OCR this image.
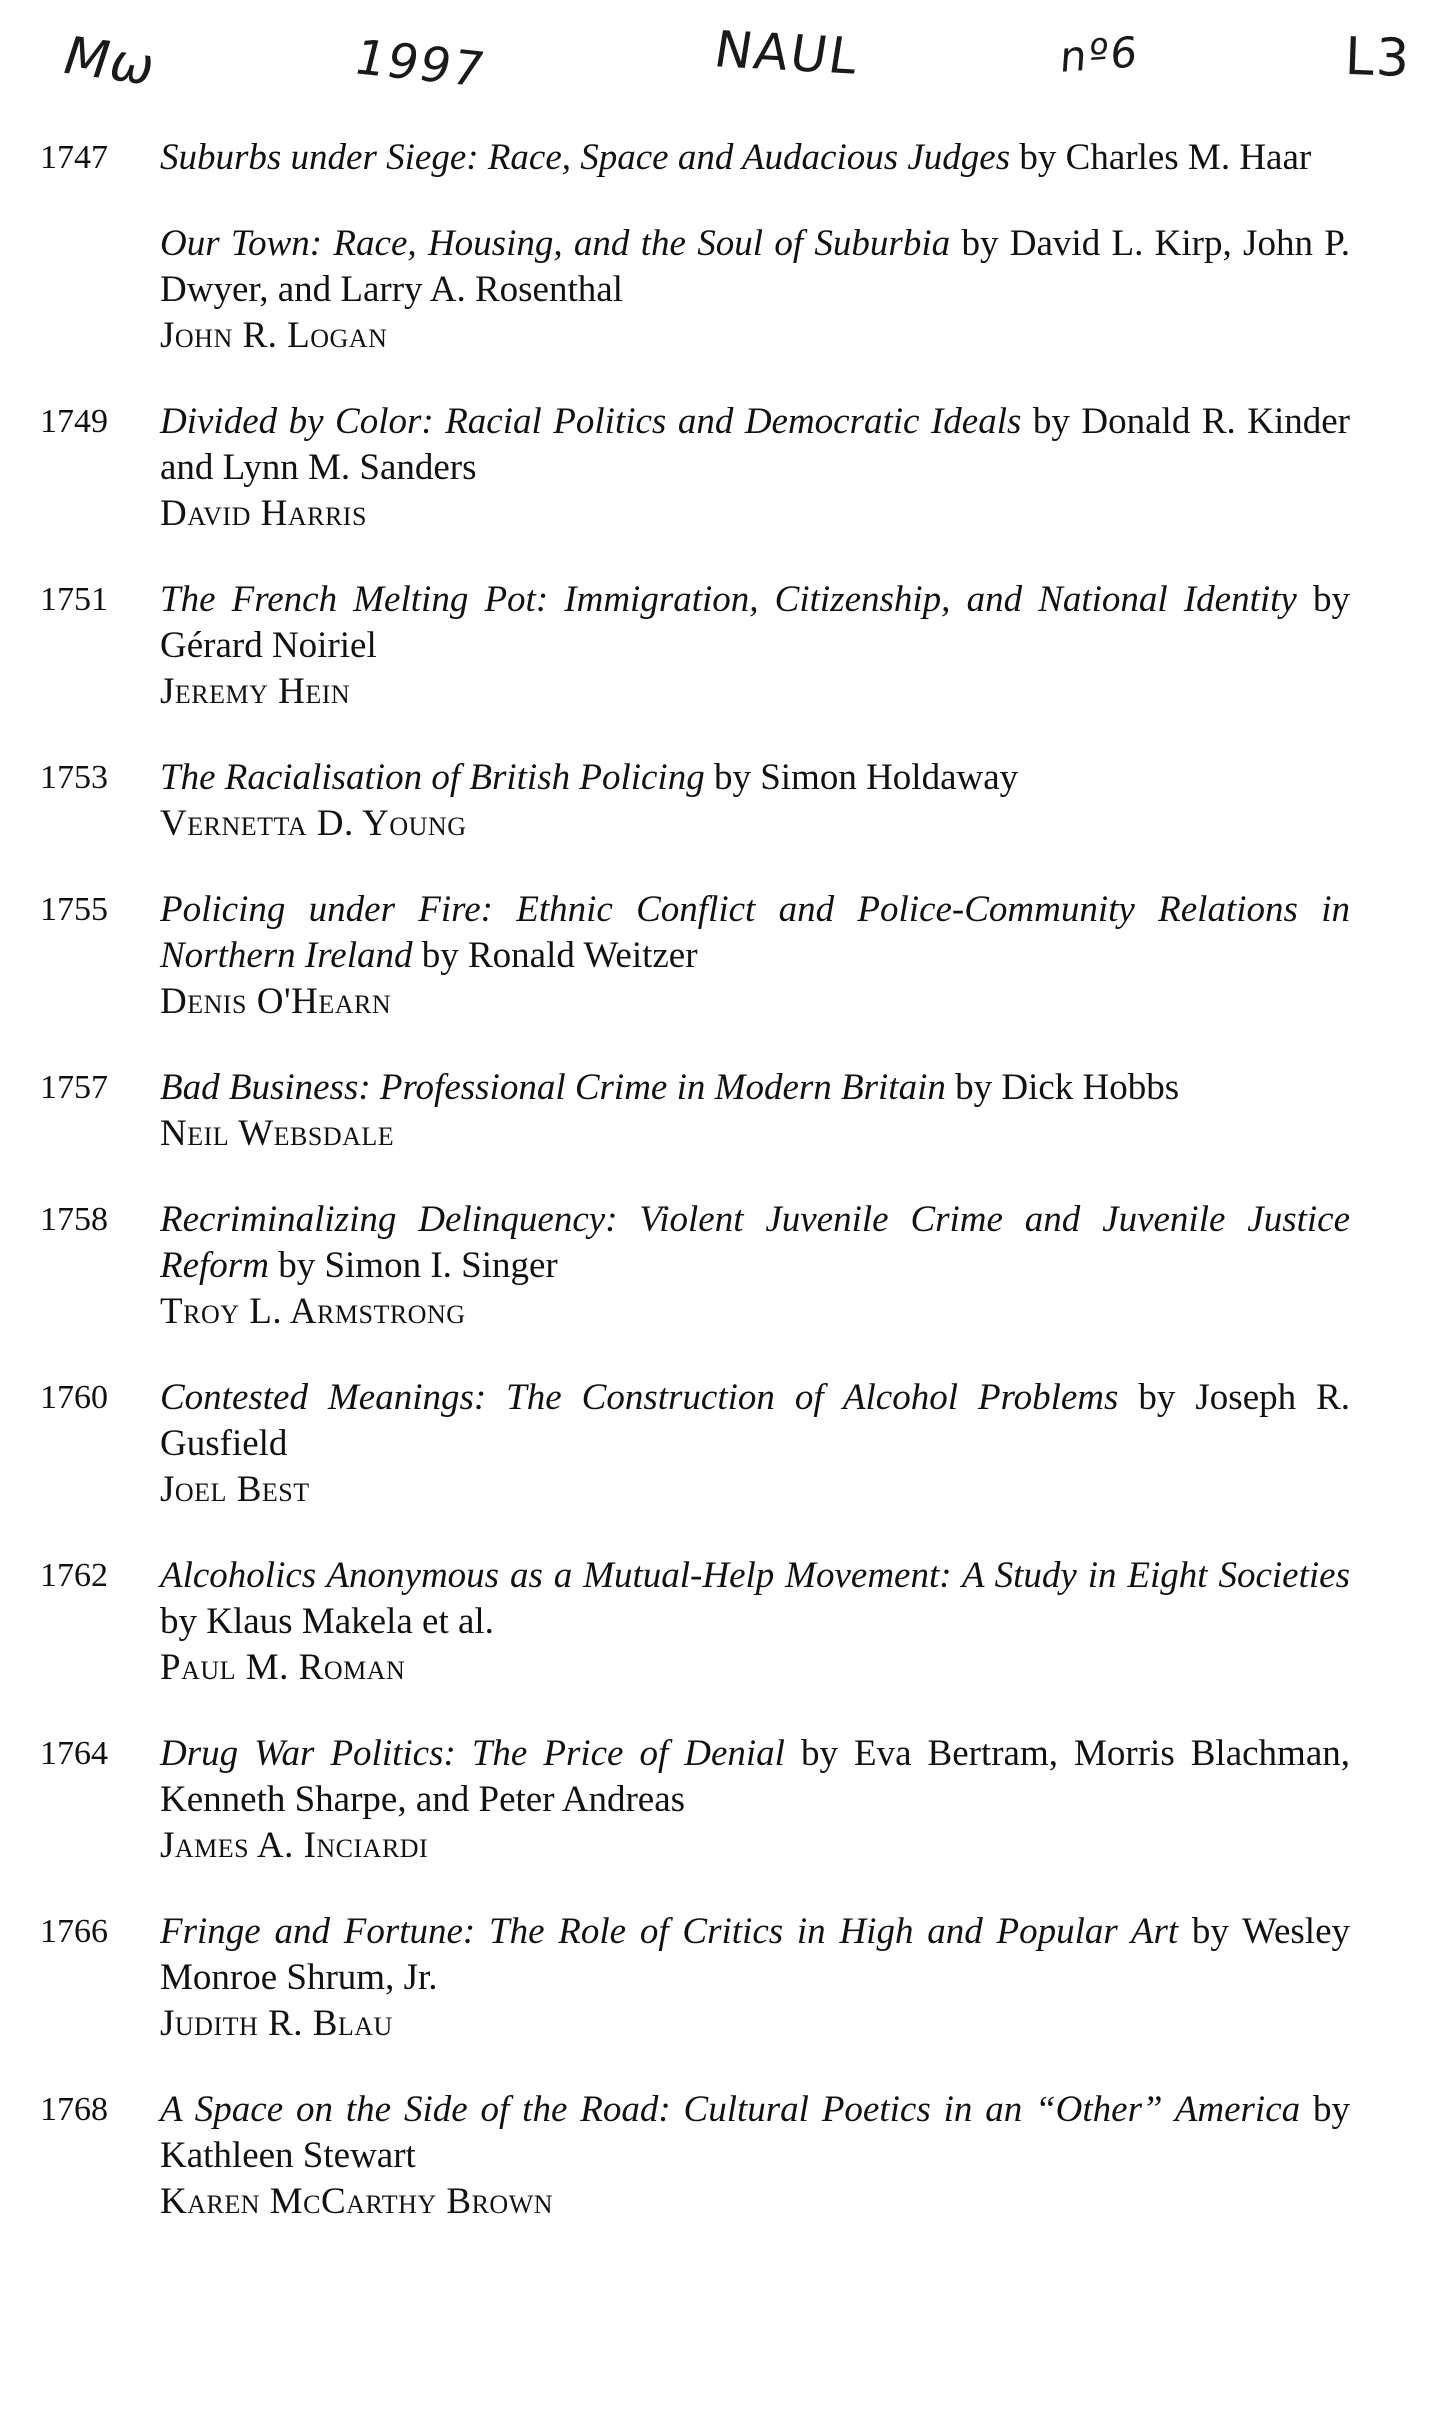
Μω	1997	NAUL	nº6	L3
1747	Suburbs under Siege: Race, Space and Audacious Judges by Charles M. Haar
Our Town: Race, Housing, and the Soul of Suburbia by David L. Kirp, John P. Dwyer, and Larry A. Rosenthal
John R. Logan
1749	Divided by Color: Racial Politics and Democratic Ideals by Donald R. Kinder and Lynn M. Sanders
David Harris
1751	The French Melting Pot: Immigration, Citizenship, and National Identity by Gérard Noiriel
Jeremy Hein
1753	The Racialisation of British Policing by Simon Holdaway
Vernetta D. Young
1755	Policing under Fire: Ethnic Conflict and Police-Community Relations in Northern Ireland by Ronald Weitzer
Denis O'Hearn
1757	Bad Business: Professional Crime in Modern Britain by Dick Hobbs
Neil Websdale
1758	Recriminalizing Delinquency: Violent Juvenile Crime and Juvenile Justice Reform by Simon I. Singer
Troy L. Armstrong
1760	Contested Meanings: The Construction of Alcohol Problems by Joseph R. Gusfield
Joel Best
1762	Alcoholics Anonymous as a Mutual-Help Movement: A Study in Eight Societies by Klaus Makela et al.
Paul M. Roman
1764	Drug War Politics: The Price of Denial by Eva Bertram, Morris Blachman, Kenneth Sharpe, and Peter Andreas
James A. Inciardi
1766	Fringe and Fortune: The Role of Critics in High and Popular Art by Wesley Monroe Shrum, Jr.
Judith R. Blau
1768	A Space on the Side of the Road: Cultural Poetics in an “Other” America by Kathleen Stewart
Karen McCarthy Brown
